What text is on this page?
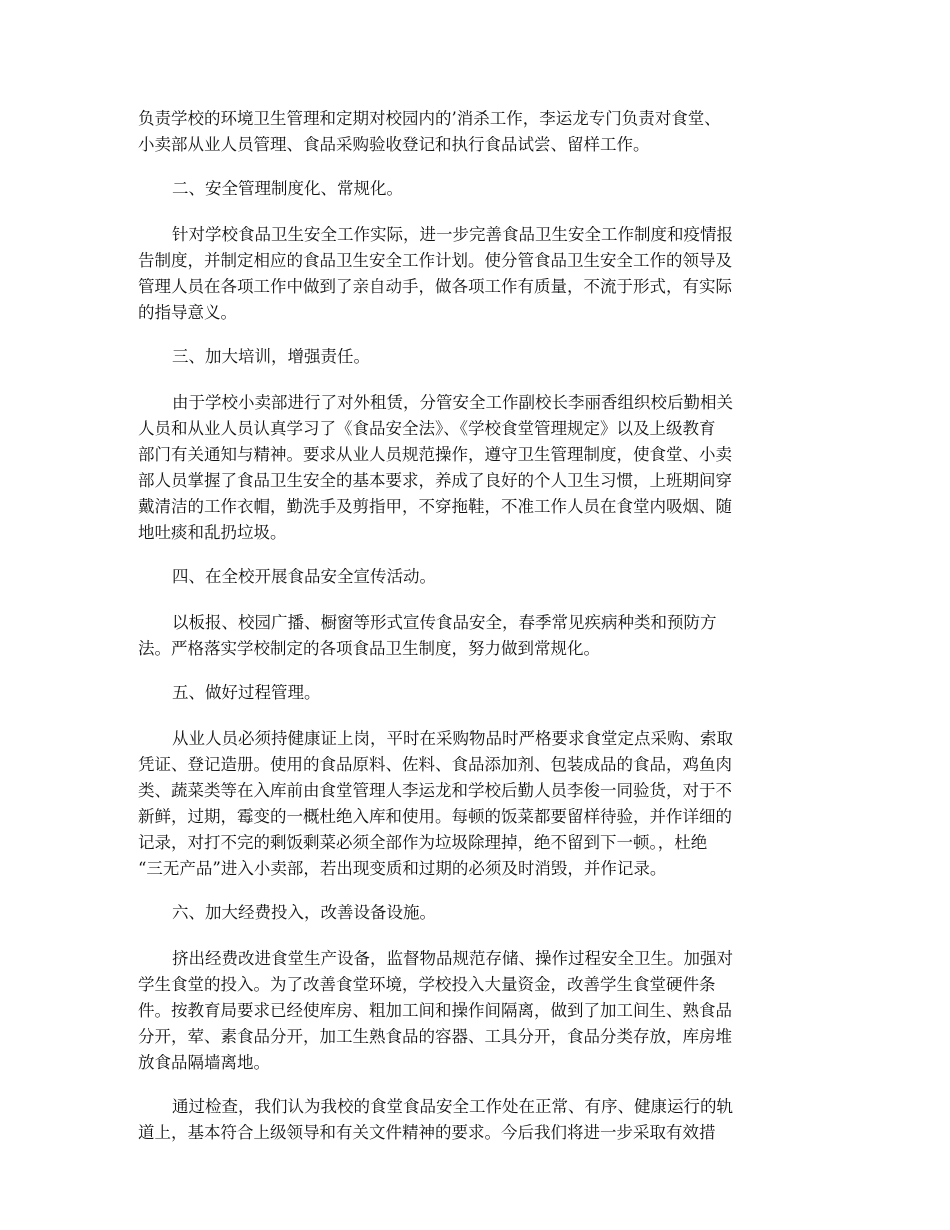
负责学校的环境卫生管理和定期对校园内的’消杀工作，李运龙专门负责对食堂、
小卖部从业人员管理、食品采购验收登记和执行食品试尝、留样工作。

二、安全管理制度化、常规化。

针对学校食品卫生安全工作实际，进一步完善食品卫生安全工作制度和疫情报
告制度，并制定相应的食品卫生安全工作计划。使分管食品卫生安全工作的领导及
管理人员在各项工作中做到了亲自动手，做各项工作有质量，不流于形式，有实际
的指导意义。

三、加大培训，增强责任。

由于学校小卖部进行了对外租赁，分管安全工作副校长李丽香组织校后勤相关
人员和从业人员认真学习了《食品安全法》、《学校食堂管理规定》以及上级教育
部门有关通知与精神。要求从业人员规范操作，遵守卫生管理制度，使食堂、小卖
部人员掌握了食品卫生安全的基本要求，养成了良好的个人卫生习惯，上班期间穿
戴清洁的工作衣帽，勤洗手及剪指甲，不穿拖鞋，不准工作人员在食堂内吸烟、随
地吐痰和乱扔垃圾。

四、在全校开展食品安全宣传活动。

以板报、校园广播、橱窗等形式宣传食品安全，春季常见疾病种类和预防方
法。严格落实学校制定的各项食品卫生制度，努力做到常规化。

五、做好过程管理。

从业人员必须持健康证上岗，平时在采购物品时严格要求食堂定点采购、索取
凭证、登记造册。使用的食品原料、佐料、食品添加剂、包装成品的食品，鸡鱼肉
类、蔬菜类等在入库前由食堂管理人李运龙和学校后勤人员李俊一同验货，对于不
新鲜，过期，霉变的一概杜绝入库和使用。每顿的饭菜都要留样待验，并作详细的
记录，对打不完的剩饭剩菜必须全部作为垃圾除理掉，绝不留到下一顿。，杜绝
“三无产品”进入小卖部，若出现变质和过期的必须及时消毁，并作记录。

六、加大经费投入，改善设备设施。

挤出经费改进食堂生产设备，监督物品规范存储、操作过程安全卫生。加强对
学生食堂的投入。为了改善食堂环境，学校投入大量资金，改善学生食堂硬件条
件。按教育局要求已经使库房、粗加工间和操作间隔离，做到了加工间生、熟食品
分开，荤、素食品分开，加工生熟食品的容器、工具分开，食品分类存放，库房堆
放食品隔墙离地。

通过检查，我们认为我校的食堂食品安全工作处在正常、有序、健康运行的轨
道上，基本符合上级领导和有关文件精神的要求。今后我们将进一步采取有效措
